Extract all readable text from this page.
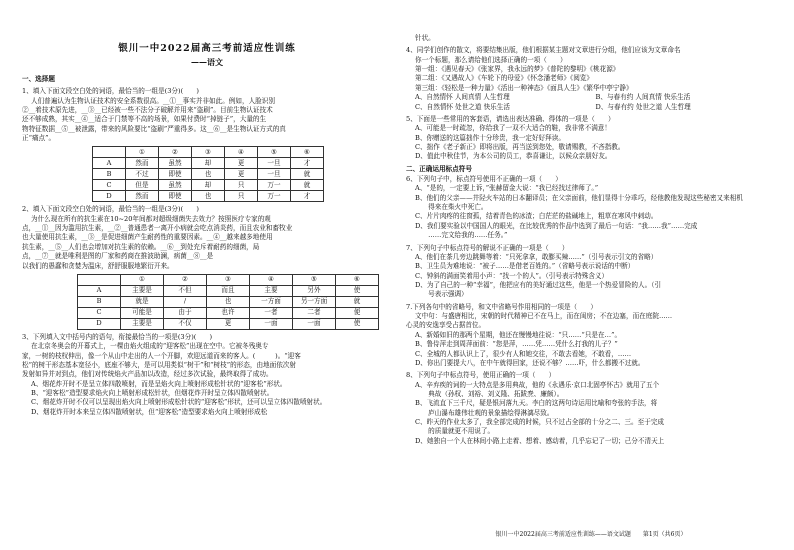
银川一中2022届高三考前适应性训练

——语文

一、选择题

1、填入下面文段空白处的词语，最恰当的一组是(3分)(　　)

人们普遍认为生物认证技术的安全系数很高。__①__事实并非如此。例如，人脸识别

②__着技术原先进，__③__已经被一些不法分子破解并用来“盗刷”。目前生物认证技术

还不够成熟，其实__④__适合于门禁等不高的场景，如果付费时“掉链子”，大量的生

物特征数据__⑤__被泄露，带来的风险要比“盗刷”严重得多。这__⑥__是生物认证方式的真

正“痛点”。

	①	②	③	④	⑤	⑥
A	然而	虽然	却	更	一旦	才
B	不过	即使	也	更	一旦	就
C	但是	虽然	却	只	万一	就
D	然而	即使	也	只	万一	才

2、填入下面文段空白处的词语，最恰当的一组是(3分)(　　)

为什么现在所有的抗生素在10~20年间都对超级细菌失去效力？按照医疗专家的观

点，__①__因为滥用抗生素，__②__普通患者一离开小病就会吃点消炎药，而且农业和畜牧业

也大量使用抗生素，__③__是促进细菌产生耐药性的重要因素。__④__越来越多地使用

抗生素，__⑤__人们也会增加对抗生素的依赖。__⑥__到处充斥着耐药的细菌，局

点，__⑦__就是唯利是图的厂家和药商在推波助澜，病菌__⑧__是

以我们的愚蠢和贪婪为温床，舒舒服服地繁衍开来。

	①	②	③	④	⑤	⑥
A	主要是	不但	而且	主要	另外	使
B	就是	/	也	一方面	另一方面	就
C	可能是	由于	也许	一者	二者	便
D	主要是	不仅	更	一面	一面	使

3、下列填入文中括号内的语句，衔接最恰当的一项是(3分)(　　)

在北京冬奥会的开幕式上，一棵由焰火组成的“迎客松”出现在空中。它被冬残奥专

家，一树的枝杈伸出，像一个从山中走出的人一个开脚，欢迎远道而来的客人。(　　　)。“迎客

松”的树干形态基本宽径小，底座不够大，是可以用类似“树干”和“树枝”的形态，由地面依次射

发射如异并对到点，他们对传统焰火产品加以改造，经过多次试验，最终取得了成功。

A、烟花炸开时不是呈立体四散喷射，而是呈焰火向上喷射形成松针状的“迎客松”形状。

B、“迎客松”造型要求焰火向上喷射形成松针状，但烟花炸开时呈立体四散喷射状。

C、烟花炸开时不仅可以呈现出焰火向上喷射形成松针状的“迎客松”形状，还可以呈立体四散喷射状。

D、烟花炸开时本来呈立体四散喷射状，但“迎客松”造型要求焰火向上喷射形成松

针状。

4、同学们创作的散文，将要结集出版，他们根据某主题对文章进行分组，他们应该为文章命名

你一个标题，那么请给他们选择正确的一项（　　）

第一组：《遇见春天》《张家界，我永远的梦》《普陀的黎明》《桃花源》

第二组：《又遇故人》《车轮下的母爱》《怀念潘老师》《阅览》

第三组：《轻松是一种力量》《活出一种神态》《面具人生》《繁华中亭宁静》

A、自然情怀 人间真情 人生哲理	B、与春有约 人间真情 快乐生活
C、自然情怀 处世之道 快乐生活	D、与春有约 处世之道 人生哲理

5、下面是一些常用的客套语，请选出表达准确、得体的一项是（　　）

A、可能是一时疏忽，你给我了一双不大适合的鞋，我非常不满意！

B、你赠送的这篇拙作十分珍贵，我一定好好拜读。

C、拙作《老子新正》即将出版，再当送到您处，敬请赐教，不吝指教。

D、值此中秋佳节，为本公司的员工，恭喜谦让，以候众亲朋好友。

二、正确运用标点符号

6、下列句子中，标点符号使用不正确的一项（　　）

A、“是的，一定要上诉，”张赫留金大说：“我已经找过律师了。”

B、他们的父亲——井陉火车站的日本翻译员；在父亲面前，他们显得十分乖巧，经他教他发现这些秘密又来相机

　　得来在柴火中死亡。

C、片片肉疼的往窗孤，结着青色的冰渣；白茫茫的盐碱地上，粗草在寒风中刺动。

D、我们要实验以中国国人的眼光，在比较优秀的作品中选到了最后一句话：“我……我”……完成

　　……完文给我的……任务。”

7、下列句子中标点符号的解说不正确的一项是（　　）

A、他们在茶几旁边跳舞等着：“只死拿拿，敢膨买辣……”（引号表示引文的省略）

B、卫生员为难地说：“被子……是借老百姓的。”（省略号表示说话的中断）

C、钟斜的满面笑着用小声：“找一个的人”。（引号表示特殊含义）

D、为了自己的一种“幸福”，他把应有的美好通过这些，他是一个热爱冒险的人。（引

　　号表示强调）

7.下列各句中的省略号，和文中省略号作用相同的一项是（　　）

文中句：与盛唐相比，宋朝的时代精神已不在马上，而在闺房；不在边塞，而在庭院……

心灵的安逸享受占据首位。

A、新婚如旧的那两个星期，他还在慢慢地往说：“只……“只是在…”。

B、鲁侍萍走到周萍面前：“您是萍，……凭……凭什么打我的儿子？”

C、全城的人都认识上了，很少有人和她交往，不敢去看她，不敢看，……

D、你出门要提大八，在中午就得回家，还说不够？……吓，什么都搬不过就。

8、下列句子中标点符号，使用正确的一项（　　）

A、辛弃疾的词的一大特点是多用典故，他的《永遇乐·京口北固亭怀古》就用了五个

　　典故（孙权、刘裕、刘义隆、拓跋焘、廉颇）。

B、飞流直下三千尺，疑是银河落九天。李白的这两句诗运用比喻和夸张的手法，将

　　庐山瀑布雄伟壮观的景象描绘得淋漓尽致。

C、昨天的作业太多了，我全部完成的时候，只不过占全部的十分之二、三。至于完成

　　的质量就更不用说了。

D、她独自一个人在林间小路上走着、想着、感动着，几乎忘记了一切；己分不清天上

银川一中2022届高三考前适应性训练——语文试题　　第1页（共6页）
